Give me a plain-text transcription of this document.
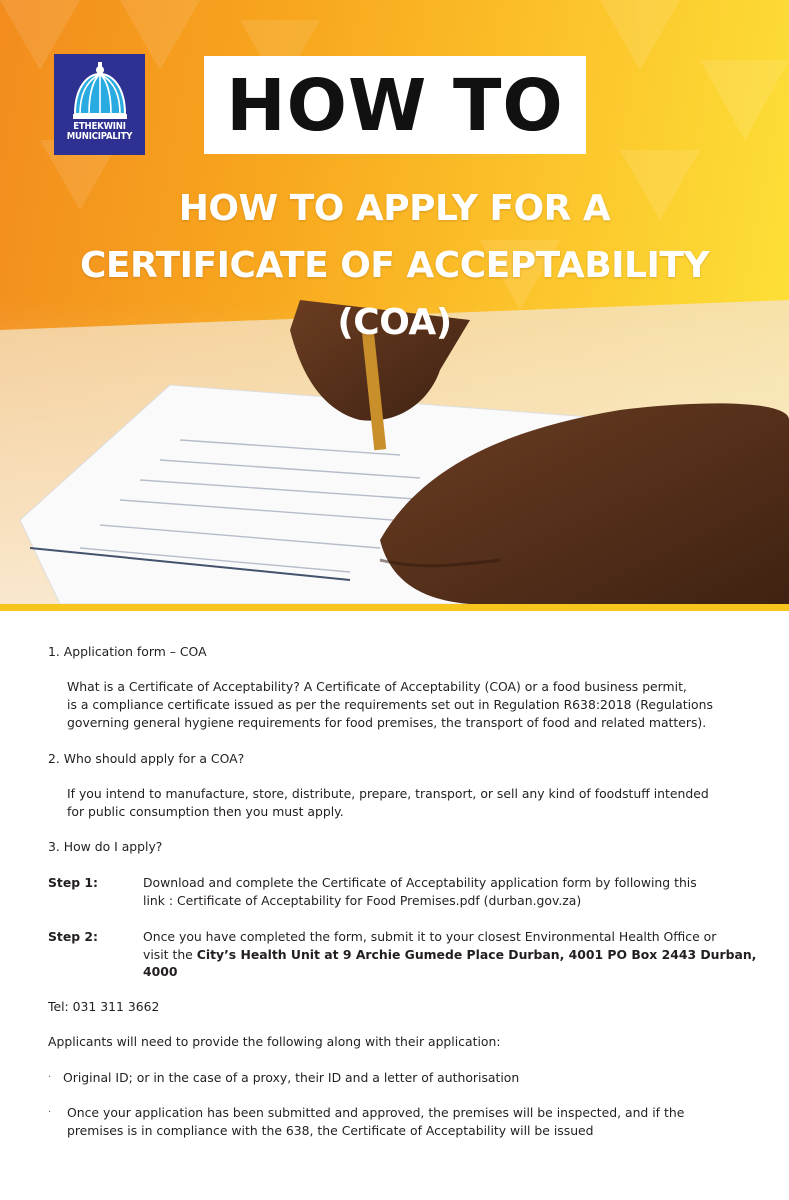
ETHEKWINI
MUNICIPALITY HOW TO
HOW TO APPLY FOR A
CERTIFICATE OF ACCEPTABILITY
(COA)
1. Application form – COA
What is a Certificate of Acceptability? A Certificate of Acceptability (COA) or a food business permit,
is a compliance certificate issued as per the requirements set out in Regulation R638:2018 (Regulations
governing general hygiene requirements for food premises, the transport of food and related matters).
2. Who should apply for a COA?
If you intend to manufacture, store, distribute, prepare, transport, or sell any kind of foodstuff intended
for public consumption then you must apply.
3. How do I apply?
Step 1:	Download and complete the Certificate of Acceptability application form by following this
link : Certificate of Acceptability for Food Premises.pdf (durban.gov.za)
Step 2:	Once you have completed the form, submit it to your closest Environmental Health Office or
visit the City’s Health Unit at 9 Archie Gumede Place Durban, 4001 PO Box 2443 Durban,
4000
Tel: 031 311 3662
Applicants will need to provide the following along with their application:
· Original ID; or in the case of a proxy, their ID and a letter of authorisation
· Once your application has been submitted and approved, the premises will be inspected, and if the
premises is in compliance with the 638, the Certificate of Acceptability will be issued
